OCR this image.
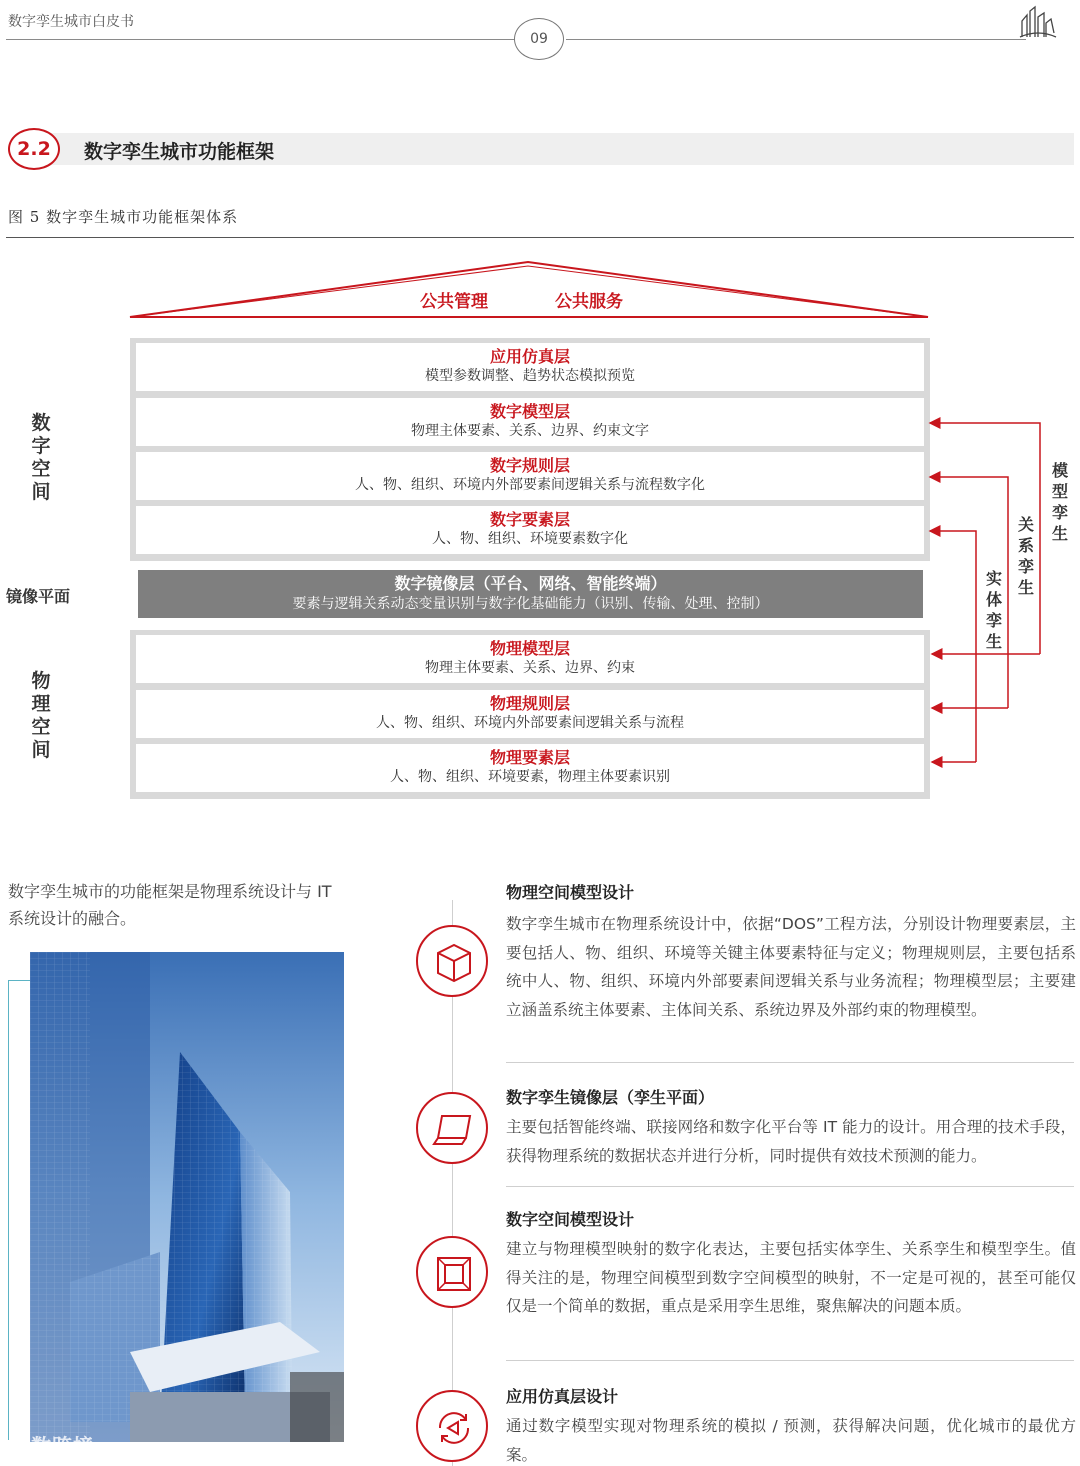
数字孪生城市白皮书
09
2.2	数字孪生城市功能框架
图 5 数字孪生城市功能框架体系
公共管理	公共服务
应用仿真层
模型参数调整、趋势状态模拟预览
数字模型层
物理主体要素、关系、边界、约束文字
数字规则层
人、物、组织、环境内外部要素间逻辑关系与流程数字化
数字要素层
人、物、组织、环境要素数字化
数字镜像层（平台、网络、智能终端）
要素与逻辑关系动态变量识别与数字化基础能力（识别、传输、处理、控制）
物理模型层
物理主体要素、关系、边界、约束
物理规则层
人、物、组织、环境内外部要素间逻辑关系与流程
物理要素层
人、物、组织、环境要素，物理主体要素识别
数字空间
镜像平面
物理空间
模型孪生
关系孪生
实体孪生
数字孪生城市的功能框架是物理系统设计与 IT 系统设计的融合。
大数跨境
物理空间模型设计
数字孪生城市在物理系统设计中，依据“DOS”工程方法，分别设计物理要素层，主要包括人、物、组织、环境等关键主体要素特征与定义；物理规则层，主要包括系统中人、物、组织、环境内外部要素间逻辑关系与业务流程；物理模型层；主要建立涵盖系统主体要素、主体间关系、系统边界及外部约束的物理模型。
数字孪生镜像层（孪生平面）
主要包括智能终端、联接网络和数字化平台等 IT 能力的设计。用合理的技术手段，获得物理系统的数据状态并进行分析，同时提供有效技术预测的能力。
数字空间模型设计
建立与物理模型映射的数字化表达，主要包括实体孪生、关系孪生和模型孪生。值得关注的是，物理空间模型到数字空间模型的映射，不一定是可视的，甚至可能仅仅是一个简单的数据，重点是采用孪生思维，聚焦解决的问题本质。
应用仿真层设计
通过数字模型实现对物理系统的模拟 / 预测，获得解决问题，优化城市的最优方案。
